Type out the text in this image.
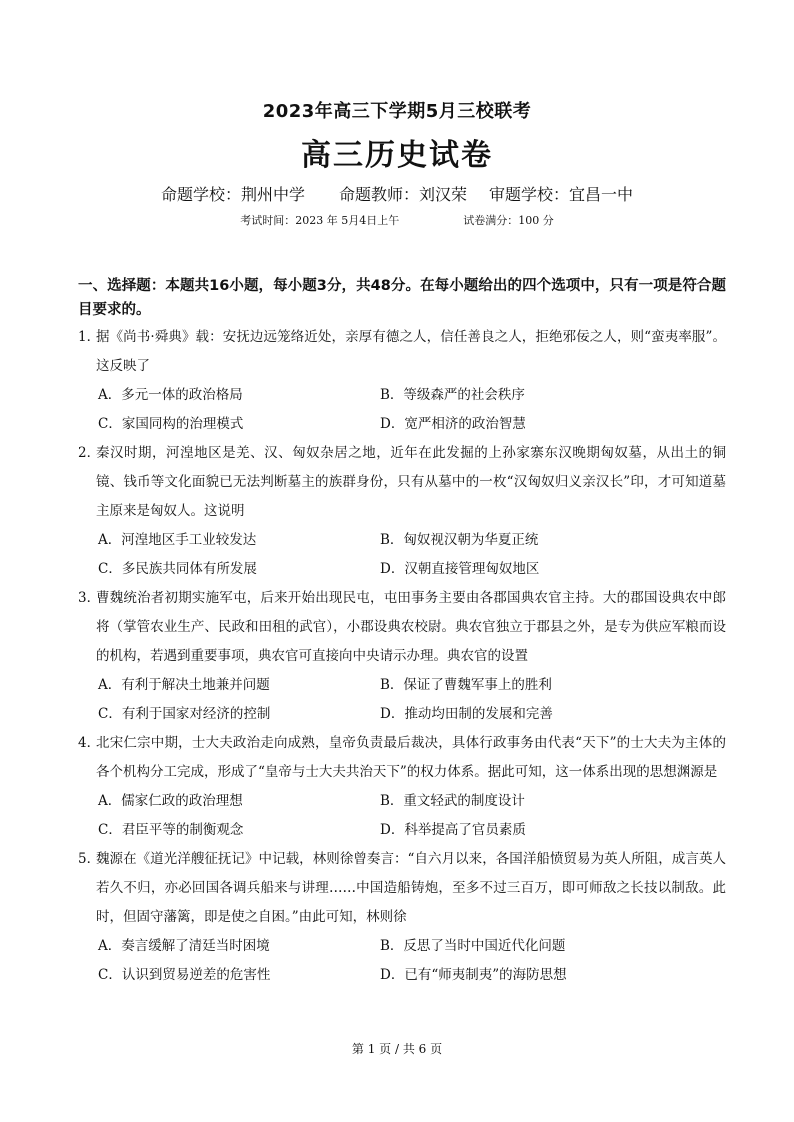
2023年高三下学期5月三校联考
高三历史试卷
命题学校：荆州中学 命题教师：刘汉荣 审题学校：宜昌一中
考试时间：2023 年 5月4日上午	试卷满分：100 分
一、选择题：本题共16小题，每小题3分，共48分。在每小题给出的四个选项中，只有一项是符合题目要求的。
1．
据《尚书·舜典》载：安抚边远笼络近处，亲厚有德之人，信任善良之人，拒绝邪佞之人，则“蛮夷率服”。这反映了
A．多元一体的政治格局	B．等级森严的社会秩序
C．家国同构的治理模式	D．宽严相济的政治智慧
2．
秦汉时期，河湟地区是羌、汉、匈奴杂居之地，近年在此发掘的上孙家寨东汉晚期匈奴墓，从出土的铜镜、钱币等文化面貌已无法判断墓主的族群身份，只有从墓中的一枚“汉匈奴归义亲汉长”印，才可知道墓主原来是匈奴人。这说明
A．河湟地区手工业较发达	B．匈奴视汉朝为华夏正统
C．多民族共同体有所发展	D．汉朝直接管理匈奴地区
3．
曹魏统治者初期实施军屯，后来开始出现民屯，屯田事务主要由各郡国典农官主持。大的郡国设典农中郎将（掌管农业生产、民政和田租的武官），小郡设典农校尉。典农官独立于郡县之外，是专为供应军粮而设的机构，若遇到重要事项，典农官可直接向中央请示办理。典农官的设置
A．有利于解决土地兼并问题	B．保证了曹魏军事上的胜利
C．有利于国家对经济的控制	D．推动均田制的发展和完善
4．
北宋仁宗中期，士大夫政治走向成熟，皇帝负责最后裁决，具体行政事务由代表“天下”的士大夫为主体的各个机构分工完成，形成了“皇帝与士大夫共治天下”的权力体系。据此可知，这一体系出现的思想渊源是
A．儒家仁政的政治理想	B．重文轻武的制度设计
C．君臣平等的制衡观念	D．科举提高了官员素质
5．
魏源在《道光洋艘征抚记》中记载，林则徐曾奏言：“自六月以来，各国洋船愤贸易为英人所阻，成言英人若久不归，亦必回国各调兵船来与讲理……中国造船铸炮，至多不过三百万，即可师敌之长技以制敌。此时，但固守藩篱，即是使之自困。”由此可知，林则徐
A．奏言缓解了清廷当时困境	B．反思了当时中国近代化问题
C．认识到贸易逆差的危害性	D．已有“师夷制夷”的海防思想
第 1 页 / 共 6 页
